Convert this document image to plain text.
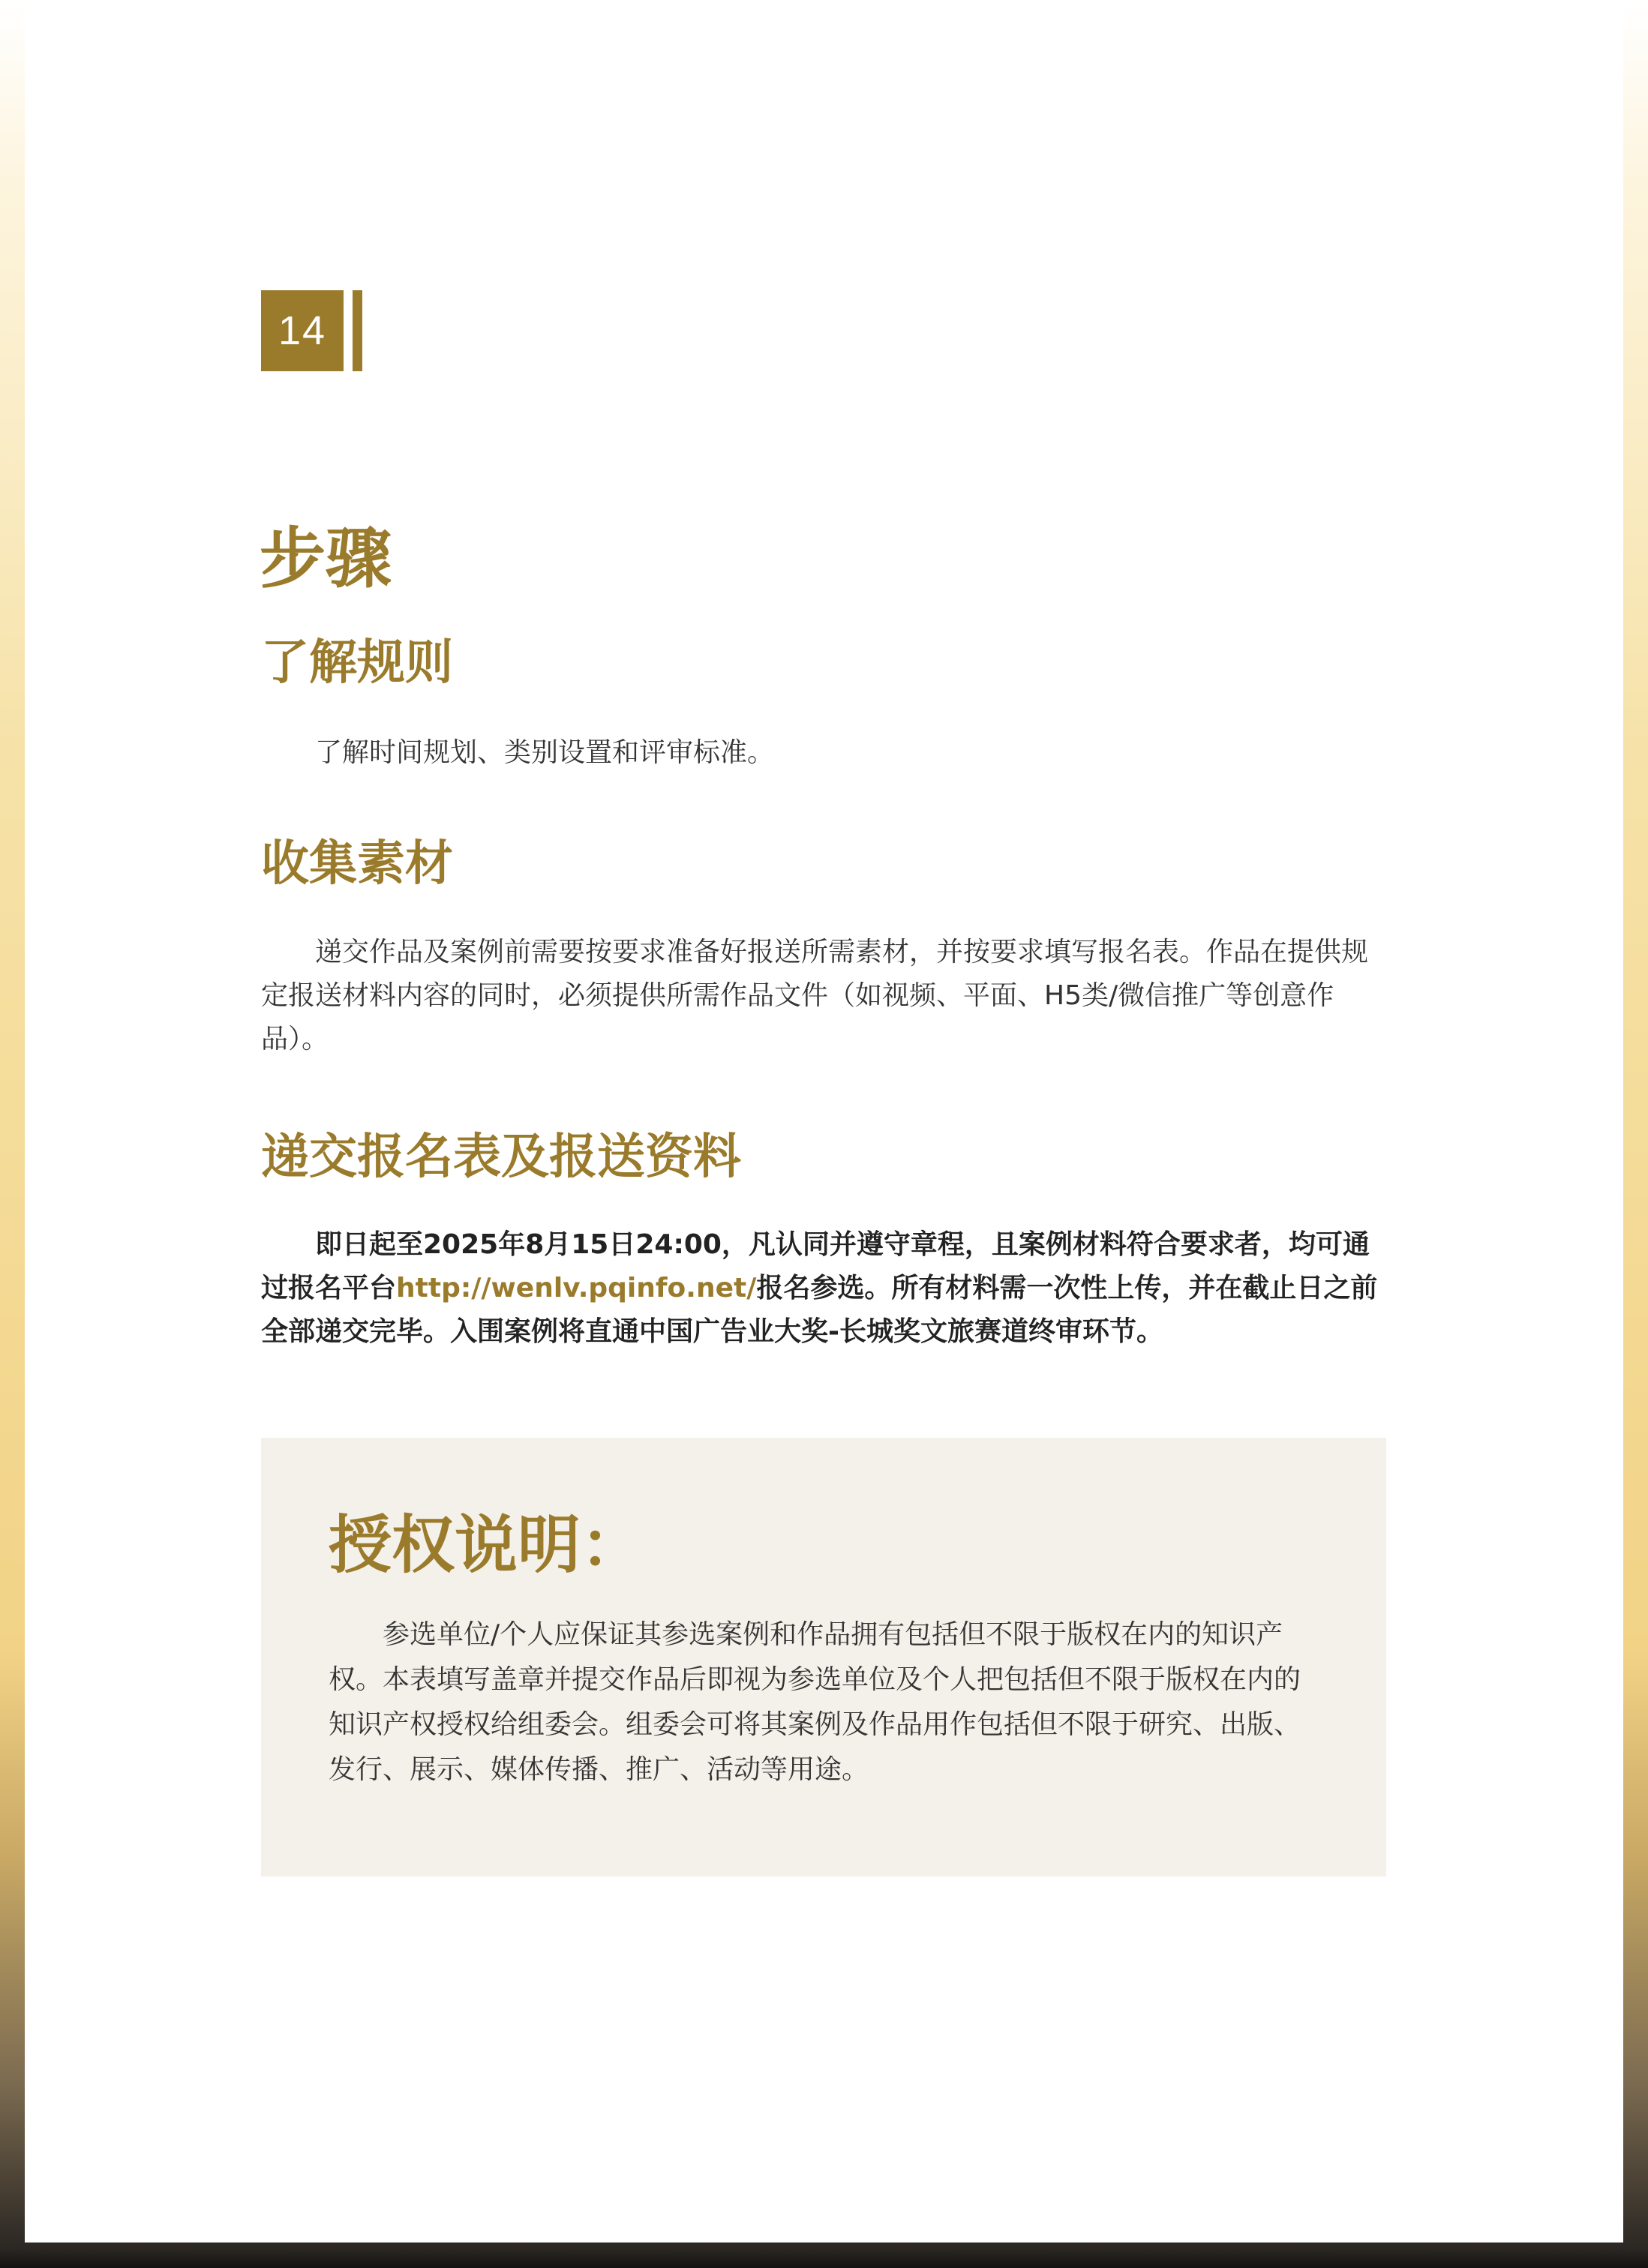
14
步骤
了解规则

了解时间规划、类别设置和评审标准。

收集素材

递交作品及案例前需要按要求准备好报送所需素材，并按要求填写报名表。作品在提供规定报送材料内容的同时，必须提供所需作品文件（如视频、平面、H5类/微信推广等创意作品）。

递交报名表及报送资料

即日起至2025年8月15日24:00，凡认同并遵守章程，且案例材料符合要求者，均可通过报名平台http://wenlv.pqinfo.net/报名参选。所有材料需一次性上传，并在截止日之前全部递交完毕。入围案例将直通中国广告业大奖-长城奖文旅赛道终审环节。

授权说明：

参选单位/个人应保证其参选案例和作品拥有包括但不限于版权在内的知识产权。本表填写盖章并提交作品后即视为参选单位及个人把包括但不限于版权在内的知识产权授权给组委会。组委会可将其案例及作品用作包括但不限于研究、出版、发行、展示、媒体传播、推广、活动等用途。
